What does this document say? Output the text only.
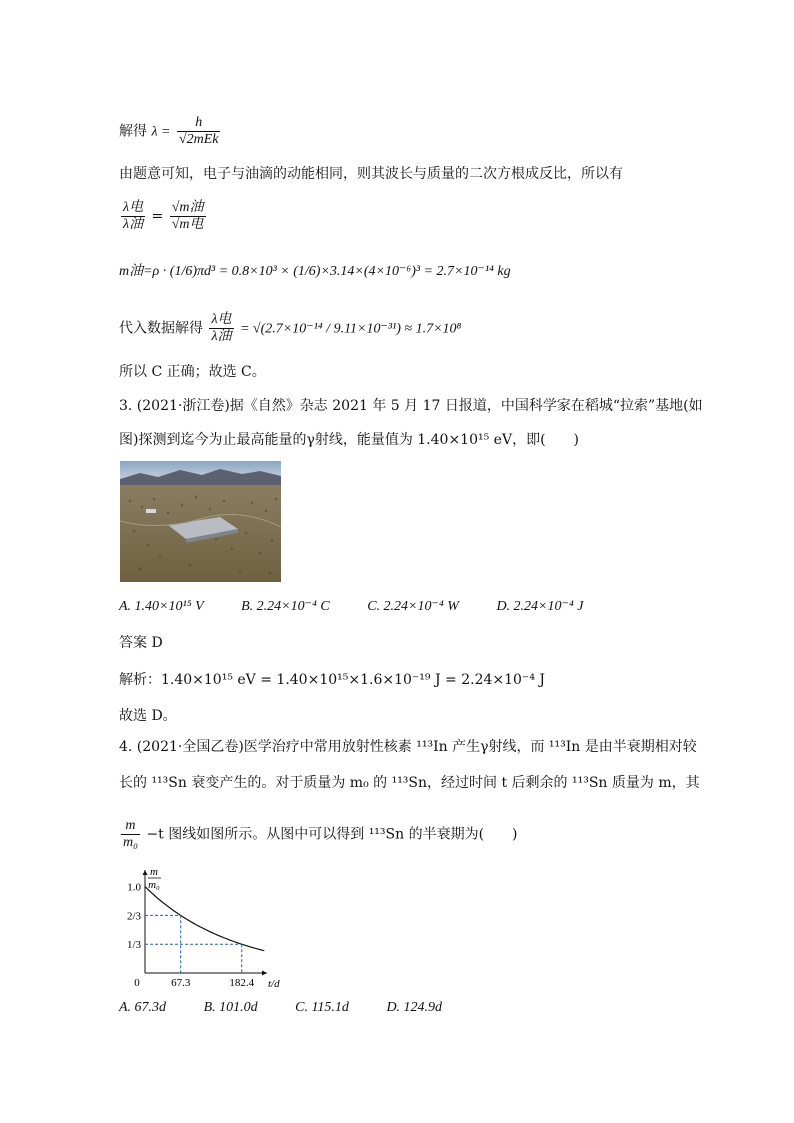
解得 $\lambda = \frac{h}{\text{√2mEk}}$
由题意可知，电子与油滴的动能相同，则其波长与质量的二次方根成反比，所以有
$\frac{\text{λ电}}{\text{λ油}} = \frac{\text{√m油}}{\text{√m电}}$
m油=ρ · (1/6)πd³ = 0.8×10³ × (1/6)×3.14×(4×10⁻⁶)³ = 2.7×10⁻¹⁴ kg
代入数据解得 $\frac{\text{λ电}}{\text{λ油}} = √(2.7\times 10^{-14} / 9.11\times 10^{-31}) \approx 1.7\times 10^8$
所以 C 正确；故选 C。
3. (2021·浙江卷)据《自然》杂志 2021 年 5 月 17 日报道，中国科学家在稻城“拉索”基地(如
图)探测到迄今为止最高能量的γ射线，能量值为 1.40×10¹⁵ eV，即(　　)
A. 1.40×10¹⁵ V	B. 2.24×10⁻⁴ C	C. 2.24×10⁻⁴ W	D. 2.24×10⁻⁴ J
答案 D
解析：1.40×10¹⁵ eV = 1.40×10¹⁵×1.6×10⁻¹⁹ J = 2.24×10⁻⁴ J
故选 D。
4. (2021·全国乙卷)医学治疗中常用放射性核素 ¹¹³In 产生γ射线，而 ¹¹³In 是由半衰期相对较
长的 ¹¹³Sn 衰变产生的。对于质量为 m₀ 的 ¹¹³Sn，经过时间 t 后剩余的 ¹¹³Sn 质量为 m，其
$\frac{m}{\text{m₀}} -t$ 图线如图所示。从图中可以得到 ¹¹³Sn 的半衰期为(　　)
1.0
2/3
1/3
67.3	182.4
0	t/d
m
m₀
A. 67.3d	B. 101.0d	C. 115.1d	D. 124.9d
